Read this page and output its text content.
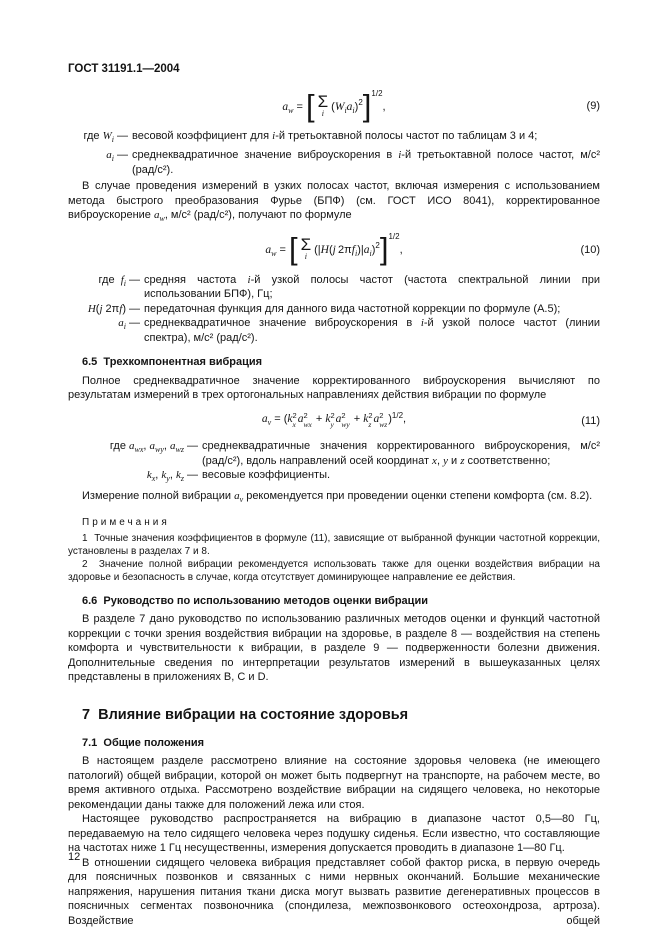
ГОСТ 31191.1—2004
$a_w$ = [ Σ
i
$(W_ia_i)^2]1/2$,	(9)
где $W_i$ — весовой коэффициент для i-й третьоктавной полосы частот по таблицам 3 и 4;
$a_i$ — среднеквадратичное значение виброускорения в i-й третьоктавной полосе частот, м/с² (рад/с²).

В случае проведения измерений в узких полосах частот, включая измерения с использованием метода быстрого преобразования Фурье (БПФ) (см. ГОСТ ИСО 8041), корректированное виброускорение $a_w$, м/с² (рад/с²), получают по формуле

$a_w$ = [ Σ
i
(|H(j $2\pi f_i)|a_i)^2]1/2$,	(10)
где  $f_i$ — средняя частота i-й узкой полосы частот (частота спектральной линии при использовании БПФ), Гц;
H(j 2πf) — передаточная функция для данного вида частотной коррекции по формуле (А.5);
$a_i$ — среднеквадратичное значение виброускорения в i-й узкой полосе частот (линии спектра), м/с² (рад/с²).
6.5  Трехкомпонентная вибрация

Полное среднеквадратичное значение корректированного виброускорения вычисляют по результатам измерений в трех ортогональных направлениях действия вибрации по формуле

$a_v = (k$ 2
x a 2
wx + k 2
y a 2
wy + k 2
z a 2
wz )1/2,	(11)
где $a_{wx}$, $a_{wy}$, $a_{wz}$ — среднеквадратичные значения корректированного виброускорения, м/с² (рад/с²), вдоль направлений осей координат x, y и z соответственно;
$k_x$, $k_y$, $k_z$ — весовые коэффициенты.

Измерение полной вибрации $a_v$ рекомендуется при проведении оценки степени комфорта (см. 8.2).

Примечания

1  Точные значения коэффициентов в формуле (11), зависящие от выбранной функции частотной коррекции, установлены в разделах 7 и 8.

2  Значение полной вибрации рекомендуется использовать также для оценки воздействия вибрации на здоровье и безопасность в случае, когда отсутствует доминирующее направление ее действия.

6.6  Руководство по использованию методов оценки вибрации

В разделе 7 дано руководство по использованию различных методов оценки и функций частотной коррекции с точки зрения воздействия вибрации на здоровье, в разделе 8 — воздействия на степень комфорта и чувствительности к вибрации, в разделе 9 — подверженности болезни движения. Дополнительные сведения по интерпретации результатов измерений в вышеуказанных целях представлены в приложениях B, C и D.

7  Влияние вибрации на состояние здоровья
7.1  Общие положения

В настоящем разделе рассмотрено влияние на состояние здоровья человека (не имеющего патологий) общей вибрации, которой он может быть подвергнут на транспорте, на рабочем месте, во время активного отдыха. Рассмотрено воздействие вибрации на сидящего человека, но некоторые рекомендации даны также для положений лежа или стоя.

Настоящее руководство распространяется на вибрацию в диапазоне частот 0,5—80 Гц, передаваемую на тело сидящего человека через подушку сиденья. Если известно, что составляющие на частотах ниже 1 Гц несущественны, измерения допускается проводить в диапазоне 1—80 Гц.

В отношении сидящего человека вибрация представляет собой фактор риска, в первую очередь для поясничных позвонков и связанных с ними нервных окончаний. Большие механические напряжения, нарушения питания ткани диска могут вызвать развитие дегенеративных процессов в поясничных сегментах позвоночника (спондилеза, межпозвонкового остеохондроза, артроза). Воздействие общей

12
